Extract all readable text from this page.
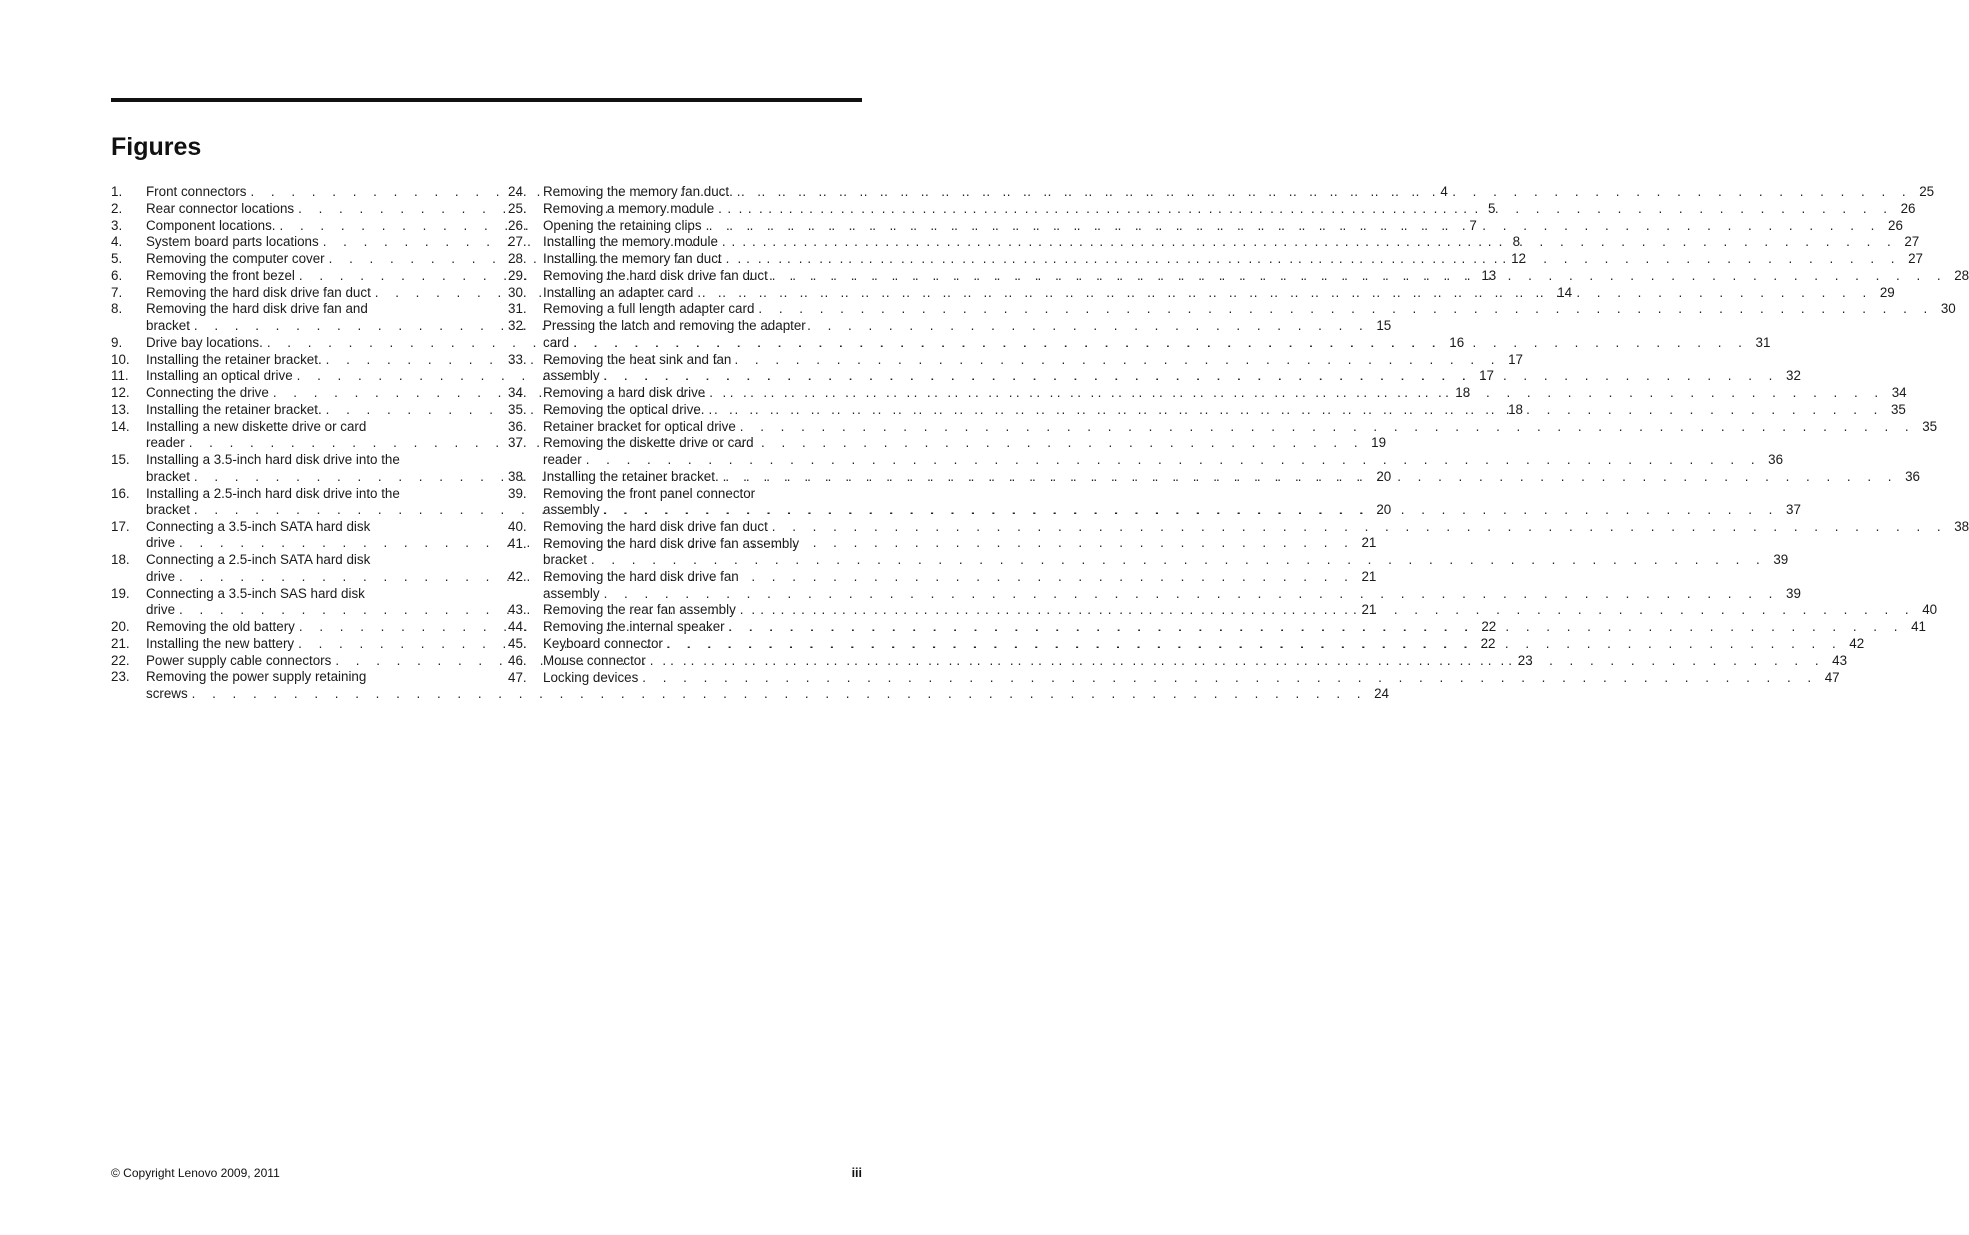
Figures
1.	Front connectors . . .	4
2.	Rear connector locations . . .	5
3.	Component locations. . . .	7
4.	System board parts locations . . .	8
5.	Removing the computer cover . . .	12
6.	Removing the front bezel . . .	13
7.	Removing the hard disk drive fan duct . . .	14
8.	Removing the hard disk drive fan and
bracket . . .	15
9.	Drive bay locations. . . .	16
10.	Installing the retainer bracket. . . .	17
11.	Installing an optical drive . . .	17
12.	Connecting the drive . . .	18
13.	Installing the retainer bracket. . . .	18
14.	Installing a new diskette drive or card
reader . . .	19
15.	Installing a 3.5-inch hard disk drive into the
bracket . . .	20
16.	Installing a 2.5-inch hard disk drive into the
bracket . . .	20
17.	Connecting a 3.5-inch SATA hard disk
drive . . .	21
18.	Connecting a 2.5-inch SATA hard disk
drive . . .	21
19.	Connecting a 3.5-inch SAS hard disk
drive . . .	21
20.	Removing the old battery . . .	22
21.	Installing the new battery . . .	22
22.	Power supply cable connectors . . .	23
23.	Removing the power supply retaining
screws . . .	24
24.	Removing the memory fan duct. . . .	25
25.	Removing a memory module . . .	26
26.	Opening the retaining clips . . .	26
27.	Installing the memory module . . .	27
28.	Installing the memory fan duct . . .	27
29.	Removing the hard disk drive fan duct . . .	28
30.	Installing an adapter card . . .	29
31.	Removing a full length adapter card . . .	30
32.	Pressing the latch and removing the adapter
card . . .	31
33.	Removing the heat sink and fan
assembly . . .	32
34.	Removing a hard disk drive . . .	34
35.	Removing the optical drive. . . .	35
36.	Retainer bracket for optical drive . . .	35
37.	Removing the diskette drive or card
reader . . .	36
38.	Installing the retainer bracket. . . .	36
39.	Removing the front panel connector
assembly . . .	37
40.	Removing the hard disk drive fan duct . . .	38
41.	Removing the hard disk drive fan assembly
bracket . . .	39
42.	Removing the hard disk drive fan
assembly . . .	39
43.	Removing the rear fan assembly . . .	40
44.	Removing the internal speaker . . .	41
45.	Keyboard connector . . .	42
46.	Mouse connector . . .	43
47.	Locking devices . . .	47
© Copyright Lenovo 2009, 2011	iii
